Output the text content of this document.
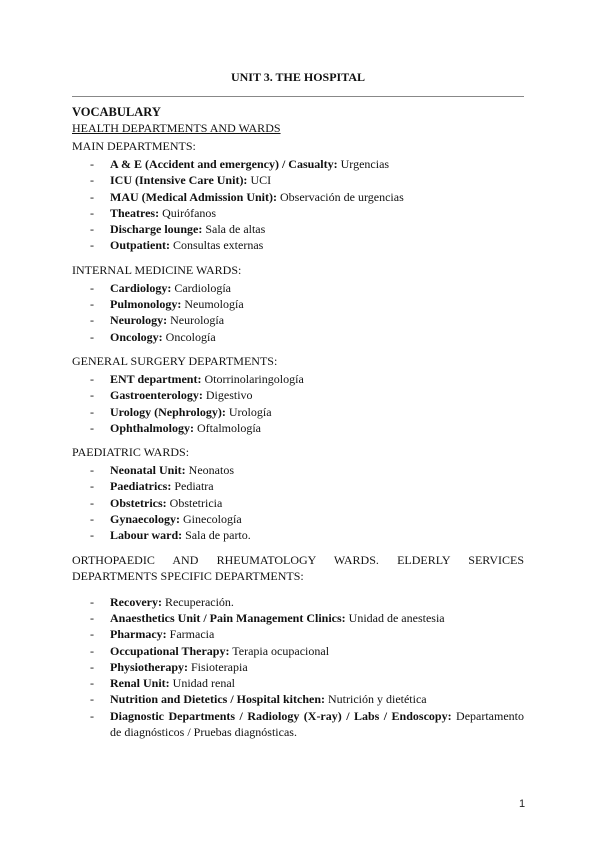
UNIT 3. THE HOSPITAL
VOCABULARY
HEALTH DEPARTMENTS AND WARDS
MAIN DEPARTMENTS:
- A & E (Accident and emergency) / Casualty: Urgencias
- ICU (Intensive Care Unit): UCI
- MAU (Medical Admission Unit): Observación de urgencias
- Theatres: Quirófanos
- Discharge lounge: Sala de altas
- Outpatient: Consultas externas
INTERNAL MEDICINE WARDS:
- Cardiology: Cardiología
- Pulmonology: Neumología
- Neurology: Neurología
- Oncology: Oncología
GENERAL SURGERY DEPARTMENTS:
- ENT department: Otorrinolaringología
- Gastroenterology: Digestivo
- Urology (Nephrology): Urología
- Ophthalmology: Oftalmología
PAEDIATRIC WARDS:
- Neonatal Unit: Neonatos
- Paediatrics: Pediatra
- Obstetrics: Obstetricia
- Gynaecology: Ginecología
- Labour ward: Sala de parto.
ORTHOPAEDIC AND RHEUMATOLOGY WARDS. ELDERLY SERVICES DEPARTMENTS SPECIFIC DEPARTMENTS:
- Recovery: Recuperación.
- Anaesthetics Unit / Pain Management Clinics: Unidad de anestesia
- Pharmacy: Farmacia
- Occupational Therapy: Terapia ocupacional
- Physiotherapy: Fisioterapia
- Renal Unit: Unidad renal
- Nutrition and Dietetics / Hospital kitchen: Nutrición y dietética
- Diagnostic Departments / Radiology (X-ray) / Labs / Endoscopy: Departamento de diagnósticos / Pruebas diagnósticas.
1
